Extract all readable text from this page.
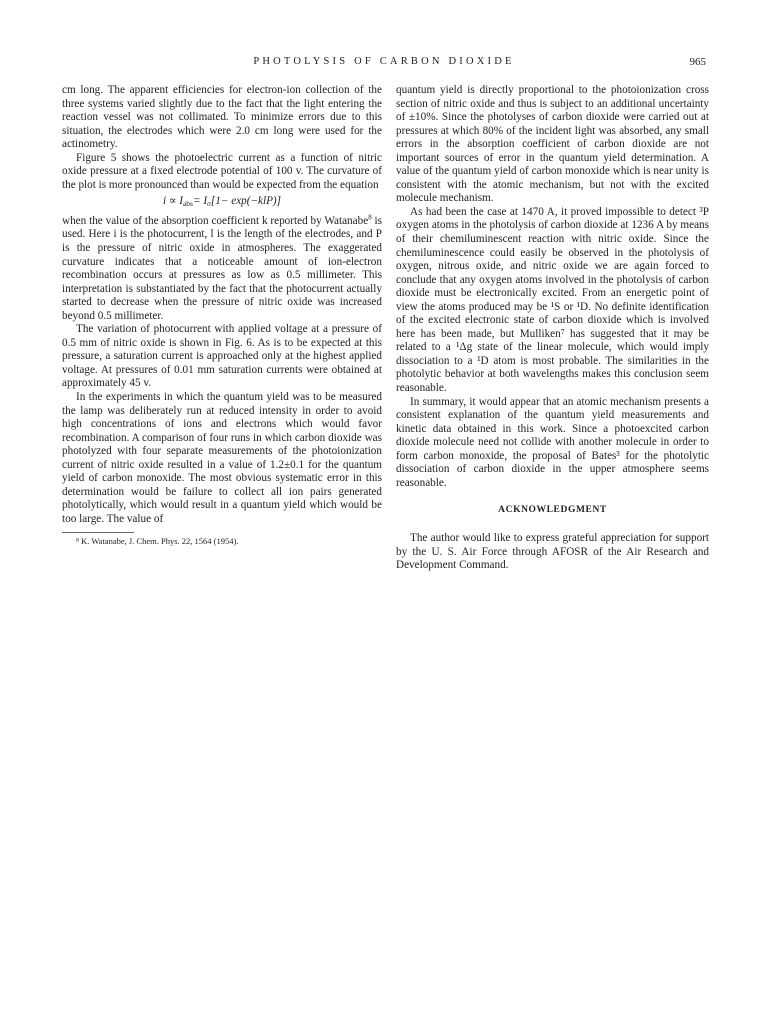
PHOTOLYSIS OF CARBON DIOXIDE	965

cm long. The apparent efficiencies for electron-ion collection of the three systems varied slightly due to the fact that the light entering the reaction vessel was not collimated. To minimize errors due to this situation, the electrodes which were 2.0 cm long were used for the actinometry.

Figure 5 shows the photoelectric current as a function of nitric oxide pressure at a fixed electrode potential of 100 v. The curvature of the plot is more pronounced than would be expected from the equation

$i \propto I_{abs}= I_0[1- \exp(-klP)]$

when the value of the absorption coefficient k reported by Watanabe$^8$ is used. Here i is the photocurrent, l is the length of the electrodes, and P is the pressure of nitric oxide in atmospheres. The exaggerated curvature indicates that a noticeable amount of ion-electron recombination occurs at pressures as low as 0.5 millimeter. This interpretation is substantiated by the fact that the photocurrent actually started to decrease when the pressure of nitric oxide was increased beyond 0.5 millimeter.

The variation of photocurrent with applied voltage at a pressure of 0.5 mm of nitric oxide is shown in Fig. 6. As is to be expected at this pressure, a saturation current is approached only at the highest applied voltage. At pressures of 0.01 mm saturation currents were obtained at approximately 45 v.

In the experiments in which the quantum yield was to be measured the lamp was deliberately run at reduced intensity in order to avoid high concentrations of ions and electrons which would favor recombination. A comparison of four runs in which carbon dioxide was photolyzed with four separate measurements of the photoionization current of nitric oxide resulted in a value of 1.2±0.1 for the quantum yield of carbon monoxide. The most obvious systematic error in this determination would be failure to collect all ion pairs generated photolytically, which would result in a quantum yield which would be too large. The value of

⁸ K. Watanabe, J. Chem. Phys. 22, 1564 (1954).

quantum yield is directly proportional to the photoionization cross section of nitric oxide and thus is subject to an additional uncertainty of ±10%. Since the photolyses of carbon dioxide were carried out at pressures at which 80% of the incident light was absorbed, any small errors in the absorption coefficient of carbon dioxide are not important sources of error in the quantum yield determination. A value of the quantum yield of carbon monoxide which is near unity is consistent with the atomic mechanism, but not with the excited molecule mechanism.

As had been the case at 1470 A, it proved impossible to detect ³P oxygen atoms in the photolysis of carbon dioxide at 1236 A by means of their chemiluminescent reaction with nitric oxide. Since the chemiluminescence could easily be observed in the photolysis of oxygen, nitrous oxide, and nitric oxide we are again forced to conclude that any oxygen atoms involved in the photolysis of carbon dioxide must be electronically excited. From an energetic point of view the atoms produced may be ¹S or ¹D. No definite identification of the excited electronic state of carbon dioxide which is involved here has been made, but Mulliken⁷ has suggested that it may be related to a ¹Δg state of the linear molecule, which would imply dissociation to a ¹D atom is most probable. The similarities in the photolytic behavior at both wavelengths makes this conclusion seem reasonable.

In summary, it would appear that an atomic mechanism presents a consistent explanation of the quantum yield measurements and kinetic data obtained in this work. Since a photoexcited carbon dioxide molecule need not collide with another molecule in order to form carbon monoxide, the proposal of Bates³ for the photolytic dissociation of carbon dioxide in the upper atmosphere seems reasonable.

ACKNOWLEDGMENT

The author would like to express grateful appreciation for support by the U. S. Air Force through AFOSR of the Air Research and Development Command.
